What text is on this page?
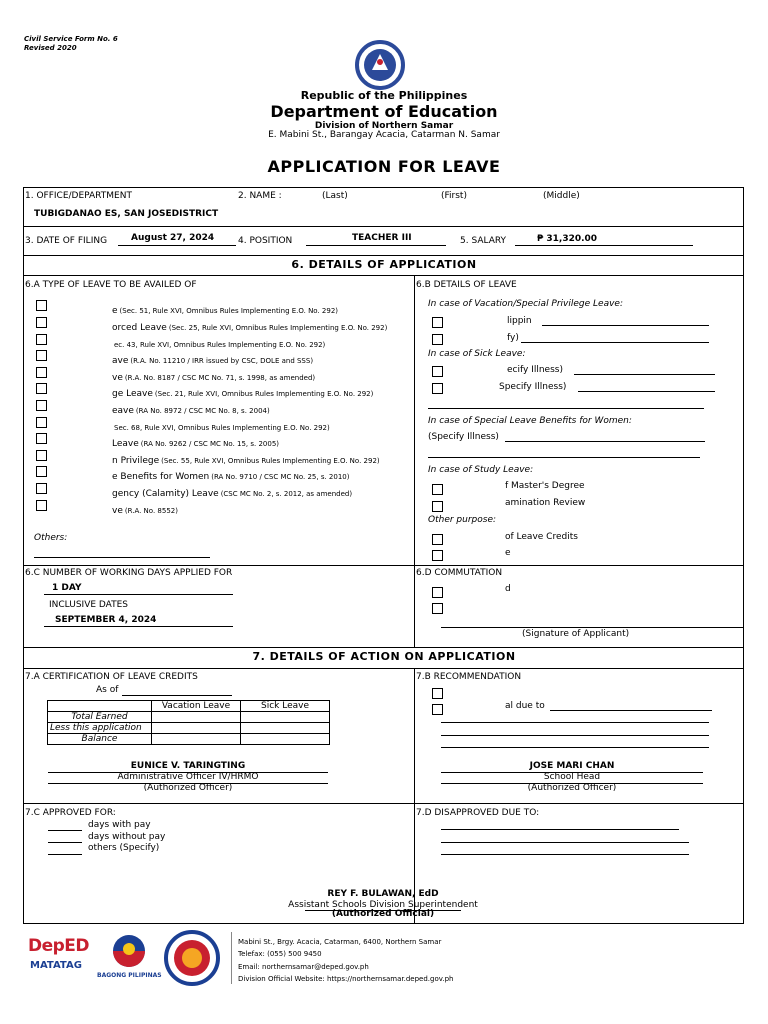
Civil Service Form No. 6
Revised 2020
Republic of the Philippines
Department of Education
Division of Northern Samar
E. Mabini St., Barangay Acacia, Catarman N. Samar
APPLICATION FOR LEAVE
1. OFFICE/DEPARTMENT	2. NAME :	(Last)	(First)	(Middle)
TUBIGDANAO ES, SAN JOSEDISTRICT
3. DATE OF FILING	August 27, 2024	4. POSITION	TEACHER III	5. SALARY	₱ 31,320.00
6. DETAILS OF APPLICATION
6.A TYPE OF LEAVE TO BE AVAILED OF
e (Sec. 51, Rule XVI, Omnibus Rules Implementing E.O. No. 292)
orced Leave (Sec. 25, Rule XVI, Omnibus Rules Implementing E.O. No. 292)
ec. 43, Rule XVI, Omnibus Rules Implementing E.O. No. 292)
ave (R.A. No. 11210 / IRR issued by CSC, DOLE and SSS)
ve (R.A. No. 8187 / CSC MC No. 71, s. 1998, as amended)
ge Leave (Sec. 21, Rule XVI, Omnibus Rules Implementing E.O. No. 292)
eave (RA No. 8972 / CSC MC No. 8, s. 2004)
Sec. 68, Rule XVI, Omnibus Rules Implementing E.O. No. 292)
Leave (RA No. 9262 / CSC MC No. 15, s. 2005)
n Privilege (Sec. 55, Rule XVI, Omnibus Rules Implementing E.O. No. 292)
e Benefits for Women (RA No. 9710 / CSC MC No. 25, s. 2010)
gency (Calamity) Leave (CSC MC No. 2, s. 2012, as amended)
ve (R.A. No. 8552)
Others:
6.B DETAILS OF LEAVE
In case of Vacation/Special Privilege Leave:
lippin
fy)
In case of Sick Leave:
ecify Illness)
Specify Illness)
In case of Special Leave Benefits for Women:
(Specify Illness)
In case of Study Leave:
f Master's Degree
amination Review
Other purpose:
of Leave Credits
e
6.C NUMBER OF WORKING DAYS APPLIED FOR
1 DAY
INCLUSIVE DATES
SEPTEMBER 4, 2024
6.D COMMUTATION
d
(Signature of Applicant)
7. DETAILS OF ACTION ON APPLICATION
7.A CERTIFICATION OF LEAVE CREDITS
As of
	Vacation Leave	Sick Leave
Total Earned		
Less this application		
Balance		
EUNICE V. TARINGTING
Administrative Officer IV/HRMO
(Authorized Officer)
7.B RECOMMENDATION
al due to
JOSE MARI CHAN
School Head
(Authorized Officer)
7.C APPROVED FOR:
days with pay
days without pay
others (Specify)
7.D DISAPPROVED DUE TO:
REY F. BULAWAN, EdD
Assistant Schools Division Superintendent
(Authorized Official)
DepED
MATATAG
BAGONG PILIPINAS
Mabini St., Brgy. Acacia, Catarman, 6400, Northern Samar
Telefax: (055) 500 9450
Email: northernsamar@deped.gov.ph
Division Official Website: https://northernsamar.deped.gov.ph
